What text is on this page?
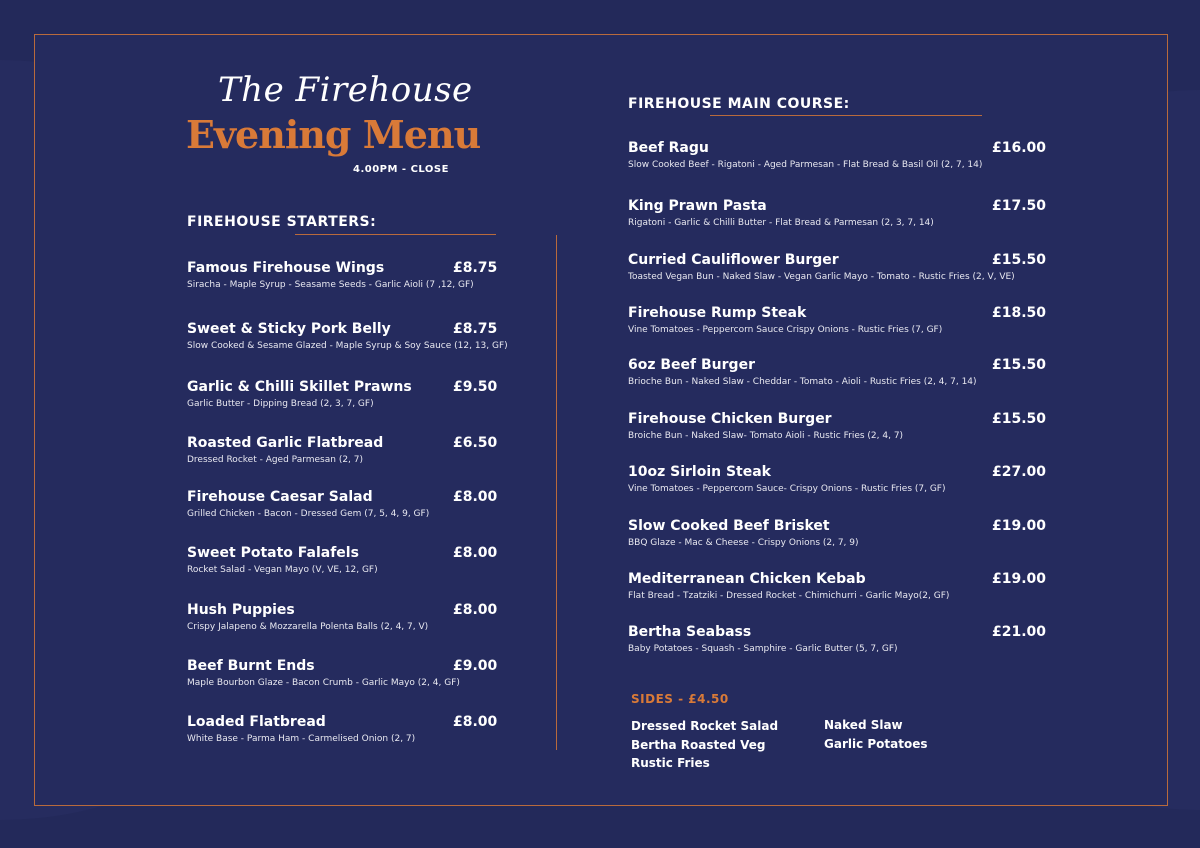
The Firehouse
Evening Menu
4.00PM - CLOSE
FIREHOUSE STARTERS:
FIREHOUSE MAIN COURSE:
Famous Firehouse Wings	£8.75
Siracha - Maple Syrup - Seasame Seeds - Garlic Aioli (7 ,12, GF)
Sweet & Sticky Pork Belly	£8.75
Slow Cooked & Sesame Glazed - Maple Syrup & Soy Sauce (12, 13, GF)
Garlic & Chilli Skillet Prawns	£9.50
Garlic Butter - Dipping Bread (2, 3, 7, GF)
Roasted Garlic Flatbread	£6.50
Dressed Rocket - Aged Parmesan (2, 7)
Firehouse Caesar Salad	£8.00
Grilled Chicken - Bacon - Dressed Gem (7, 5, 4, 9, GF)
Sweet Potato Falafels	£8.00
Rocket Salad - Vegan Mayo (V, VE, 12, GF)
Hush Puppies	£8.00
Crispy Jalapeno & Mozzarella Polenta Balls (2, 4, 7, V)
Beef Burnt Ends	£9.00
Maple Bourbon Glaze - Bacon Crumb - Garlic Mayo (2, 4, GF)
Loaded Flatbread	£8.00
White Base - Parma Ham - Carmelised Onion (2, 7)
Beef Ragu	£16.00
Slow Cooked Beef - Rigatoni - Aged Parmesan - Flat Bread & Basil Oil (2, 7, 14)
King Prawn Pasta	£17.50
Rigatoni - Garlic & Chilli Butter - Flat Bread & Parmesan (2, 3, 7, 14)
Curried Cauliflower Burger	£15.50
Toasted Vegan Bun - Naked Slaw - Vegan Garlic Mayo - Tomato - Rustic Fries (2, V, VE)
Firehouse Rump Steak	£18.50
Vine Tomatoes - Peppercorn Sauce Crispy Onions - Rustic Fries (7, GF)
6oz Beef Burger	£15.50
Brioche Bun - Naked Slaw - Cheddar - Tomato - Aioli - Rustic Fries (2, 4, 7, 14)
Firehouse Chicken Burger	£15.50
Broiche Bun - Naked Slaw- Tomato Aioli - Rustic Fries (2, 4, 7)
10oz Sirloin Steak	£27.00
Vine Tomatoes - Peppercorn Sauce- Crispy Onions - Rustic Fries (7, GF)
Slow Cooked Beef Brisket	£19.00
BBQ Glaze - Mac & Cheese - Crispy Onions (2, 7, 9)
Mediterranean Chicken Kebab	£19.00
Flat Bread - Tzatziki - Dressed Rocket - Chimichurri - Garlic Mayo(2, GF)
Bertha Seabass	£21.00
Baby Potatoes - Squash - Samphire - Garlic Butter (5, 7, GF)
SIDES - £4.50
Dressed Rocket Salad
Bertha Roasted Veg
Rustic Fries
Naked Slaw
Garlic Potatoes
